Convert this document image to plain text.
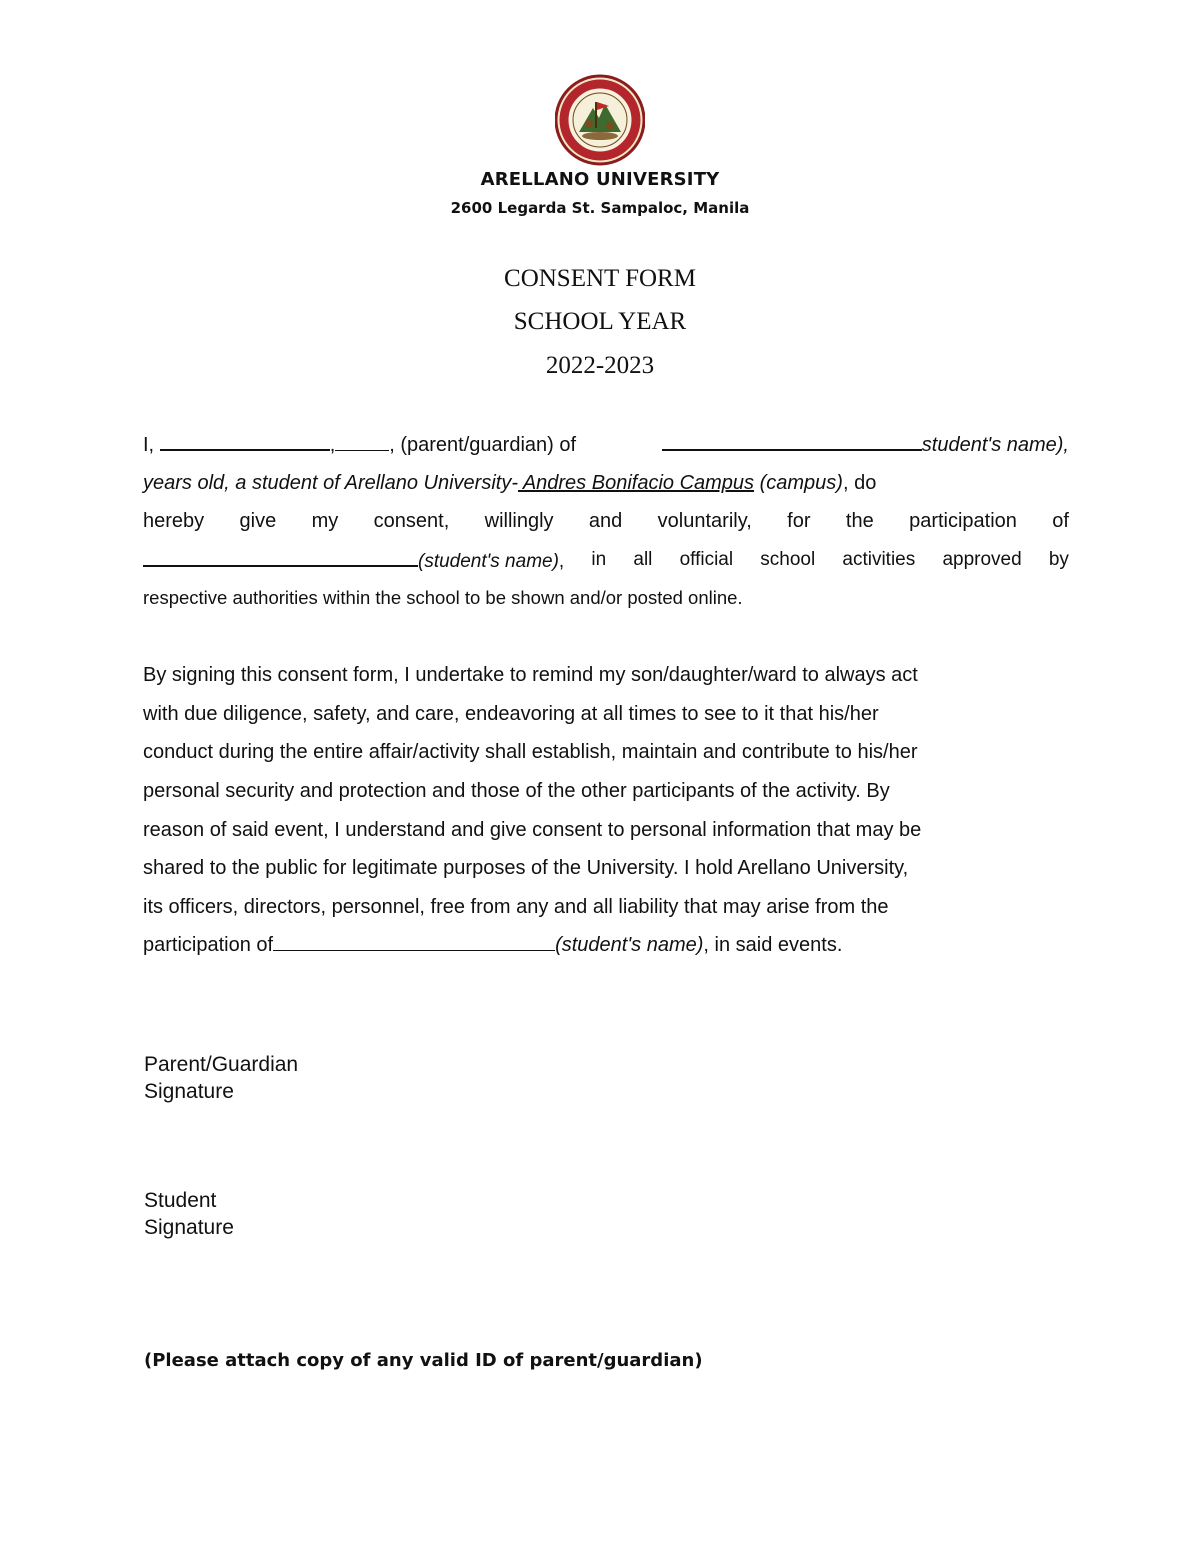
ARELLANO UNIVERSITY
2600 Legarda St. Sampaloc, Manila
CONSENT FORM
SCHOOL YEAR
2022-2023
I,	,	, (parent/guardian) of	student's name),
years old, a student of Arellano University- Andres Bonifacio Campus (campus), do
hereby give my consent, willingly and voluntarily, for the participation of
(student's name), in all official school activities approved by
respective authorities within the school to be shown and/or posted online.
By signing this consent form, I undertake to remind my son/daughter/ward to always act
with due diligence, safety, and care, endeavoring at all times to see to it that his/her
conduct during the entire affair/activity shall establish, maintain and contribute to his/her
personal security and protection and those of the other participants of the activity. By
reason of said event, I understand and give consent to personal information that may be
shared to the public for legitimate purposes of the University. I hold Arellano University,
its officers, directors, personnel, free from any and all liability that may arise from the
participation of	(student's name), in said events.
Parent/Guardian
Signature
Student
Signature
(Please attach copy of any valid ID of parent/guardian)
